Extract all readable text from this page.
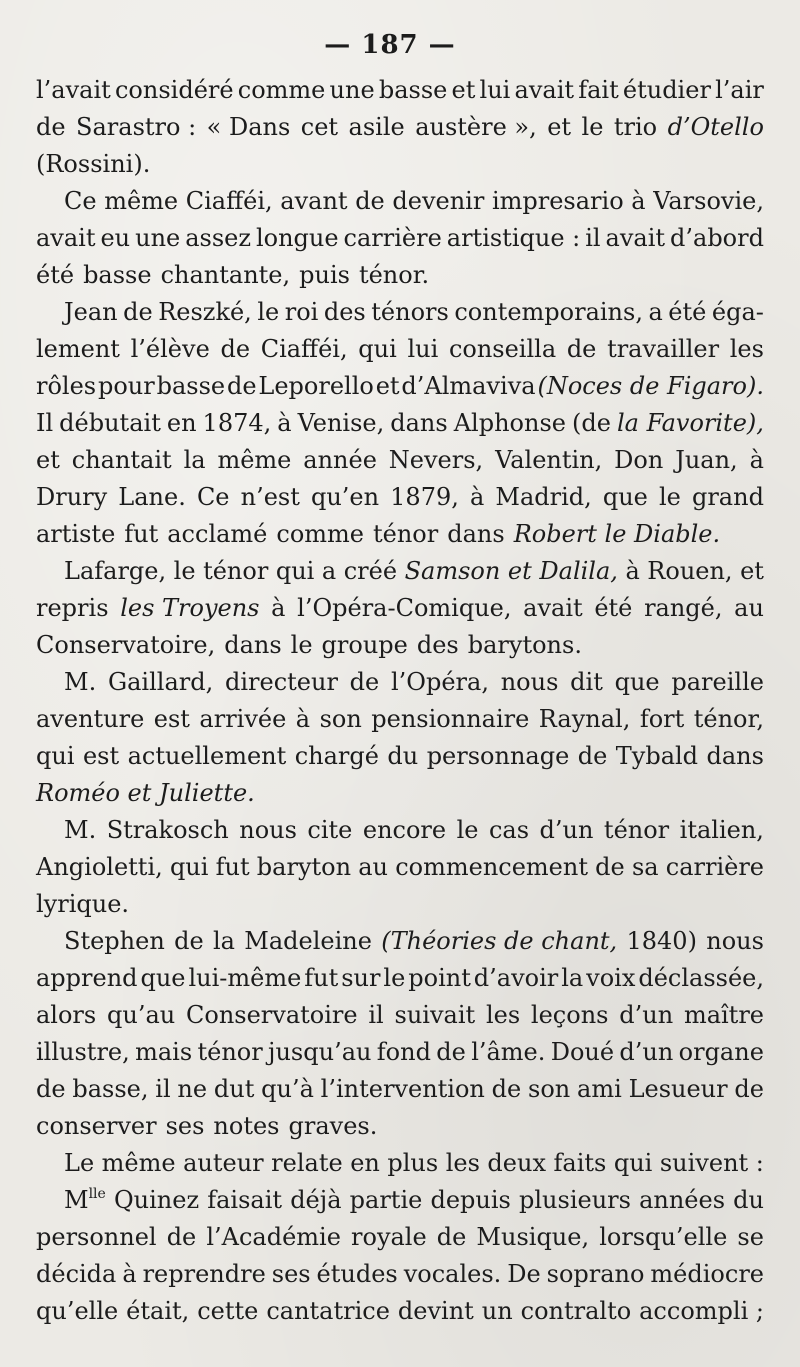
— 187 —
l’avait considéré comme une basse et lui avait fait étudier l’air
de Sarastro : « Dans cet asile austère », et le trio d’Otello
(Rossini).
Ce même Ciafféi, avant de devenir impresario à Varsovie,
avait eu une assez longue carrière artistique : il avait d’abord
été basse chantante, puis ténor.
Jean de Reszké, le roi des ténors contemporains, a été éga-
lement l’élève de Ciafféi, qui lui conseilla de travailler les
rôles pour basse de Leporello et d’Almaviva (Noces de Figaro).
Il débutait en 1874, à Venise, dans Alphonse (de la Favorite),
et chantait la même année Nevers, Valentin, Don Juan, à
Drury Lane. Ce n’est qu’en 1879, à Madrid, que le grand
artiste fut acclamé comme ténor dans Robert le Diable.
Lafarge, le ténor qui a créé Samson et Dalila, à Rouen, et
repris les Troyens à l’Opéra-Comique, avait été rangé, au
Conservatoire, dans le groupe des barytons.
M. Gaillard, directeur de l’Opéra, nous dit que pareille
aventure est arrivée à son pensionnaire Raynal, fort ténor,
qui est actuellement chargé du personnage de Tybald dans
Roméo et Juliette.
M. Strakosch nous cite encore le cas d’un ténor italien,
Angioletti, qui fut baryton au commencement de sa carrière
lyrique.
Stephen de la Madeleine (Théories de chant, 1840) nous
apprend que lui-même fut sur le point d’avoir la voix déclassée,
alors qu’au Conservatoire il suivait les leçons d’un maître
illustre, mais ténor jusqu’au fond de l’âme. Doué d’un organe
de basse, il ne dut qu’à l’intervention de son ami Lesueur de
conserver ses notes graves.
Le même auteur relate en plus les deux faits qui suivent :
$M^{lle}$ Quinez faisait déjà partie depuis plusieurs années du
personnel de l’Académie royale de Musique, lorsqu’elle se
décida à reprendre ses études vocales. De soprano médiocre
qu’elle était, cette cantatrice devint un contralto accompli ;
